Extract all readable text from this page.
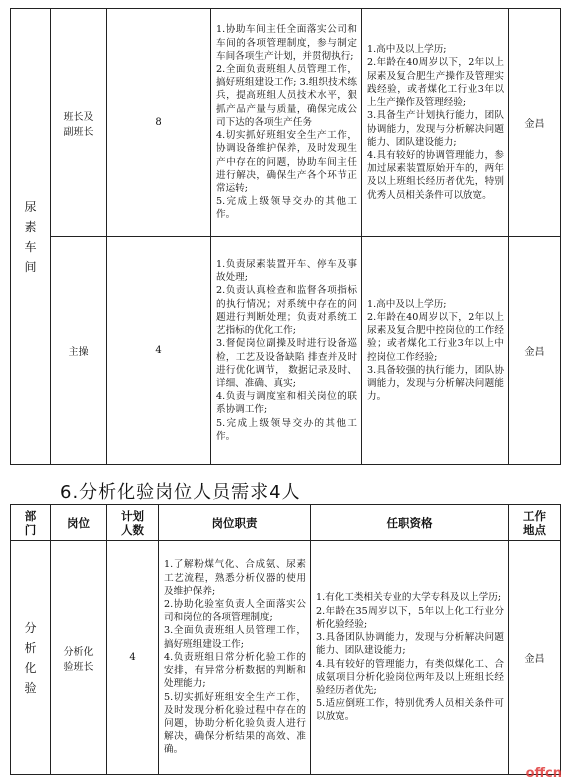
尿
素
车
间	班长及
副班长	8	1.协助车间主任全面落实公司和车间的各项管理制度，参与制定车间各项生产计划，并贯彻执行;
2.全面负责班组人员管理工作，搞好班组建设工作; 3.组织技术练兵，提高班组人员技术水平，狠抓产品产量与质量，确保完成公司下达的各项生产任务
4.切实抓好班组安全生产工作，协调设备维护保养，及时发现生产中存在的问题，协助车间主任进行解决，确保生产各个环节正常运转;
5.完成上级领导交办的其他工作。	1.高中及以上学历;
2.年龄在40周岁以下，2年以上尿素及复合肥生产操作及管理实践经验，或者煤化工行业3年以上生产操作及管理经验;
3.具备生产计划执行能力，团队协调能力，发现与分析解决问题能力、团队建设能力;
4.具有较好的协调管理能力，参加过尿素装置原始开车的，两年及以上班组长经历者优先，特别优秀人员相关条件可以放宽。	金昌

	主操	4	1.负责尿素装置开车、停车及事故处理;
2.负责认真检查和监督各项指标的执行情况；对系统中存在的问题进行判断处理；负责对系统工艺指标的优化工作;
3.督促岗位副操及时进行设备巡检，工艺及设备缺陷 排查并及时进行优化调节， 数据记录及时、详细、准确、真实;
4.负责与调度室和相关岗位的联系协调工作;
5.完成上级领导交办的其他工作。	1.高中及以上学历;
2.年龄在40周岁以下，2年以上尿素及复合肥中控岗位的工作经验；或者煤化工行业3年以上中控岗位工作经验;
3.具备较强的执行能力，团队协调能力，发现与分析解决问题能力。	金昌
6.分析化验岗位人员需求4人
部
门	岗位	计划
人数	岗位职责	任职资格	工作
地点

分
析
化
验	分析化
验班长	4	1.了解粉煤气化、合成氨、尿素工艺流程，熟悉分析仪器的使用及维护保养;
2.协助化验室负责人全面落实公司和岗位的各项管理制度;
3.全面负责班组人员管理工作，搞好班组建设工作;
4.负责班组日常分析化验工作的安排，有异常分析数据的判断和处理能力;
5.切实抓好班组安全生产工作，及时发现分析化验过程中存在的问题，协助分析化验负责人进行解决，确保分析结果的高效、准确。	1.有化工类相关专业的大学专科及以上学历;
2.年龄在35周岁以下，5年以上化工行业分析化验经验;
3.具备团队协调能力，发现与分析解决问题能力、团队建设能力;
4.具有较好的管理能力，有类似煤化工、合成氨项目分析化验岗位两年及以上班组长经验经历者优先;
5.适应倒班工作，特别优秀人员相关条件可以放宽。	金昌
offcn
